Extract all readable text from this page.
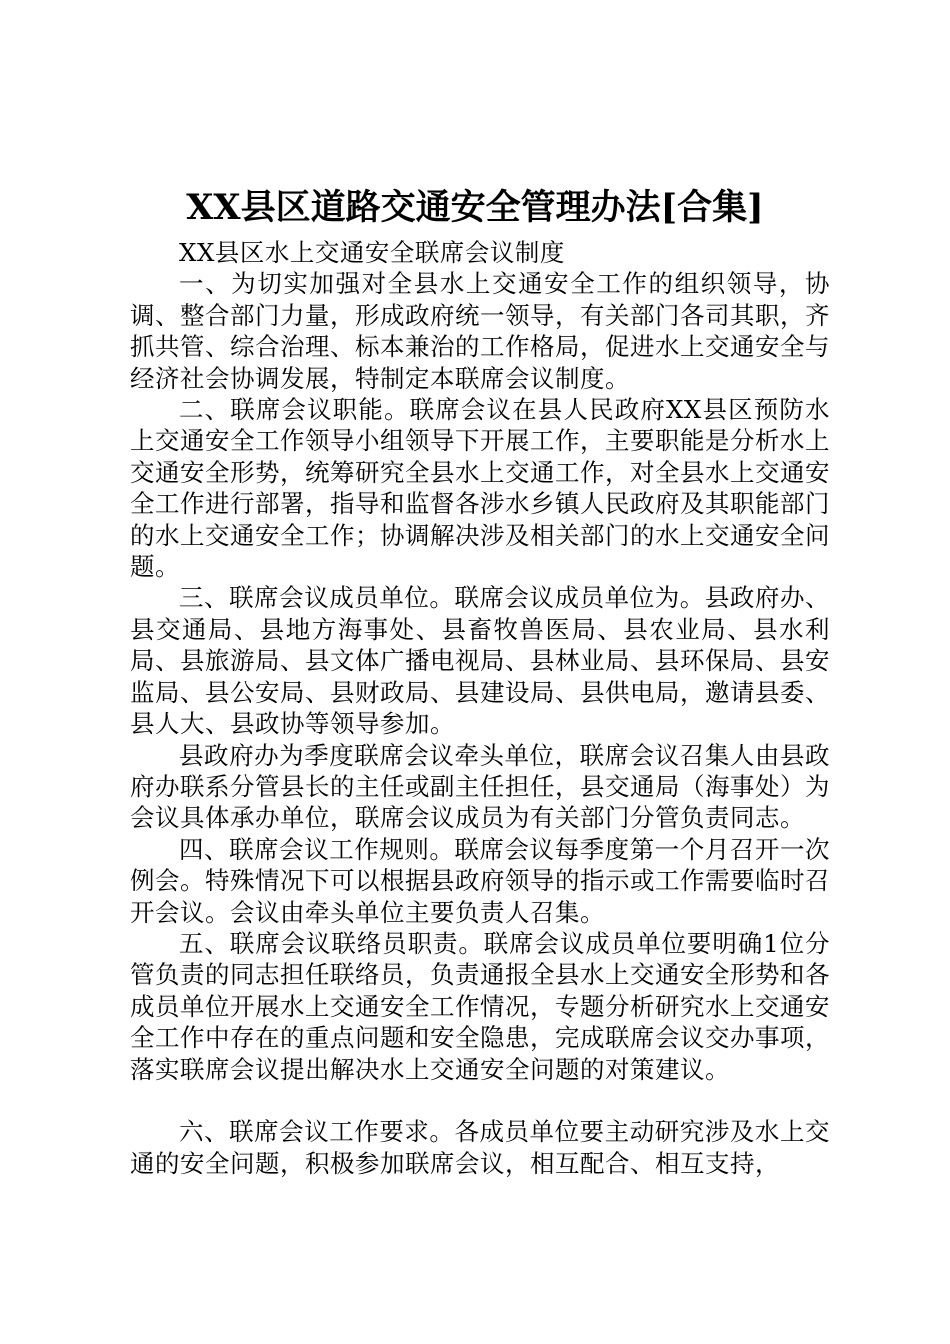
XX县区道路交通安全管理办法[合集]

XX县区水上交通安全联席会议制度

一、为切实加强对全县水上交通安全工作的组织领导，协调、整合部门力量，形成政府统一领导，有关部门各司其职，齐抓共管、综合治理、标本兼治的工作格局，促进水上交通安全与经济社会协调发展，特制定本联席会议制度。

二、联席会议职能。联席会议在县人民政府XX县区预防水上交通安全工作领导小组领导下开展工作，主要职能是分析水上交通安全形势，统筹研究全县水上交通工作，对全县水上交通安全工作进行部署，指导和监督各涉水乡镇人民政府及其职能部门的水上交通安全工作；协调解决涉及相关部门的水上交通安全问题。

三、联席会议成员单位。联席会议成员单位为。县政府办、县交通局、县地方海事处、县畜牧兽医局、县农业局、县水利局、县旅游局、县文体广播电视局、县林业局、县环保局、县安监局、县公安局、县财政局、县建设局、县供电局，邀请县委、县人大、县政协等领导参加。

县政府办为季度联席会议牵头单位，联席会议召集人由县政府办联系分管县长的主任或副主任担任，县交通局（海事处）为会议具体承办单位，联席会议成员为有关部门分管负责同志。

四、联席会议工作规则。联席会议每季度第一个月召开一次例会。特殊情况下可以根据县政府领导的指示或工作需要临时召开会议。会议由牵头单位主要负责人召集。

五、联席会议联络员职责。联席会议成员单位要明确1位分管负责的同志担任联络员，负责通报全县水上交通安全形势和各成员单位开展水上交通安全工作情况，专题分析研究水上交通安全工作中存在的重点问题和安全隐患，完成联席会议交办事项，落实联席会议提出解决水上交通安全问题的对策建议。

六、联席会议工作要求。各成员单位要主动研究涉及水上交通的安全问题，积极参加联席会议，相互配合、相互支持，
